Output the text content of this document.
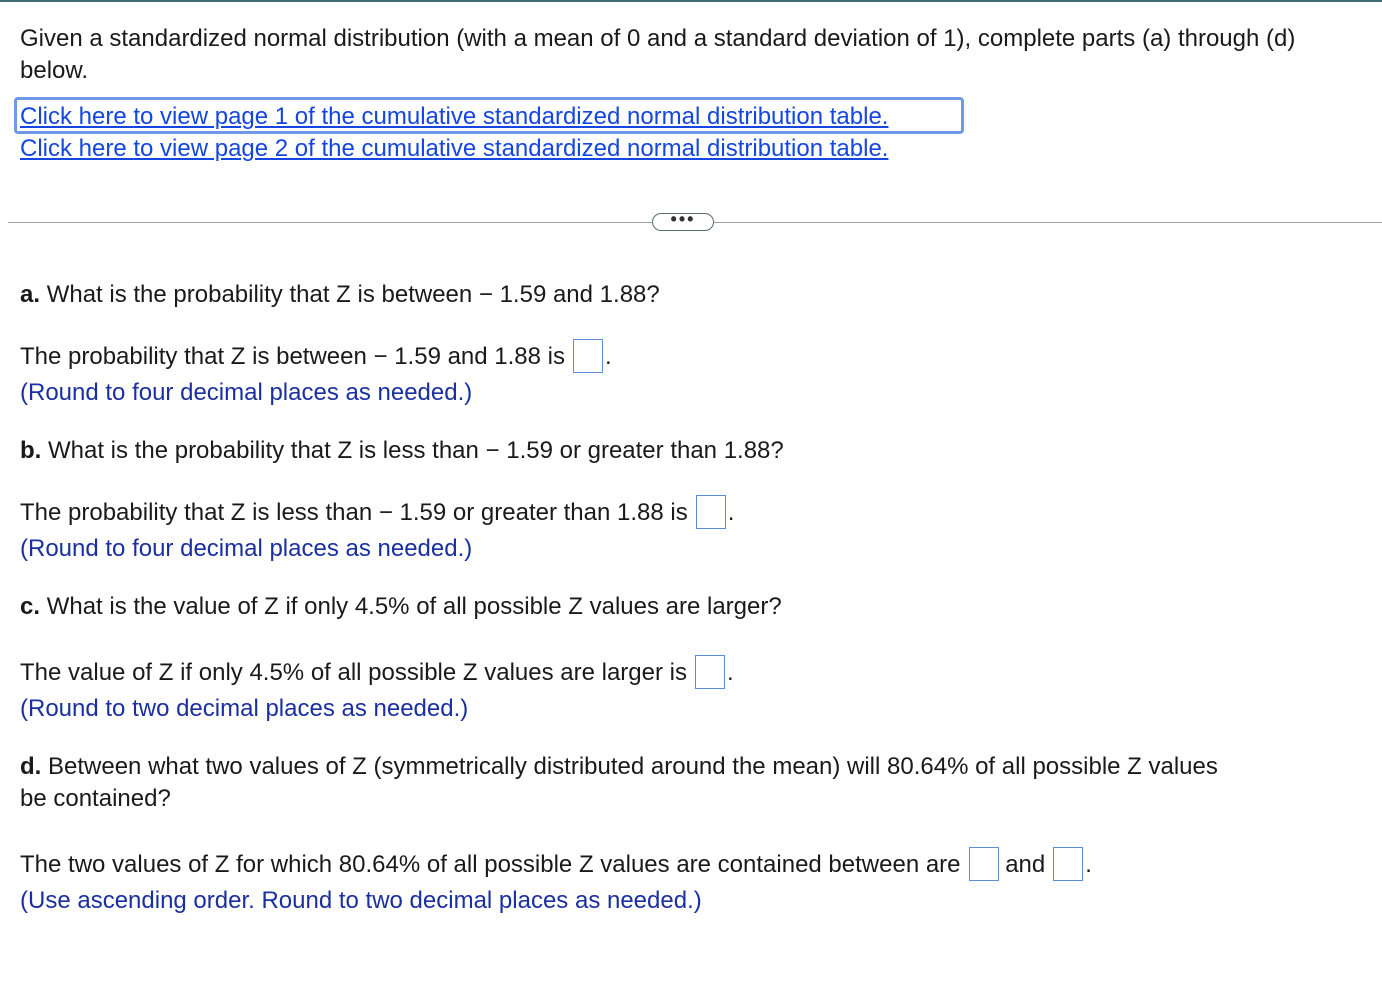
Given a standardized normal distribution (with a mean of 0 and a standard deviation of 1), complete parts (a) through (d)
below.
Click here to view page 1 of the cumulative standardized normal distribution table.
Click here to view page 2 of the cumulative standardized normal distribution table.
•••
a. What is the probability that Z is between − 1.59 and 1.88?
The probability that Z is between − 1.59 and 1.88 is .
(Round to four decimal places as needed.)
b. What is the probability that Z is less than − 1.59 or greater than 1.88?
The probability that Z is less than − 1.59 or greater than 1.88 is .
(Round to four decimal places as needed.)
c. What is the value of Z if only 4.5% of all possible Z values are larger?
The value of Z if only 4.5% of all possible Z values are larger is .
(Round to two decimal places as needed.)
d. Between what two values of Z (symmetrically distributed around the mean) will 80.64% of all possible Z values
be contained?
The two values of Z for which 80.64% of all possible Z values are contained between are and .
(Use ascending order. Round to two decimal places as needed.)
